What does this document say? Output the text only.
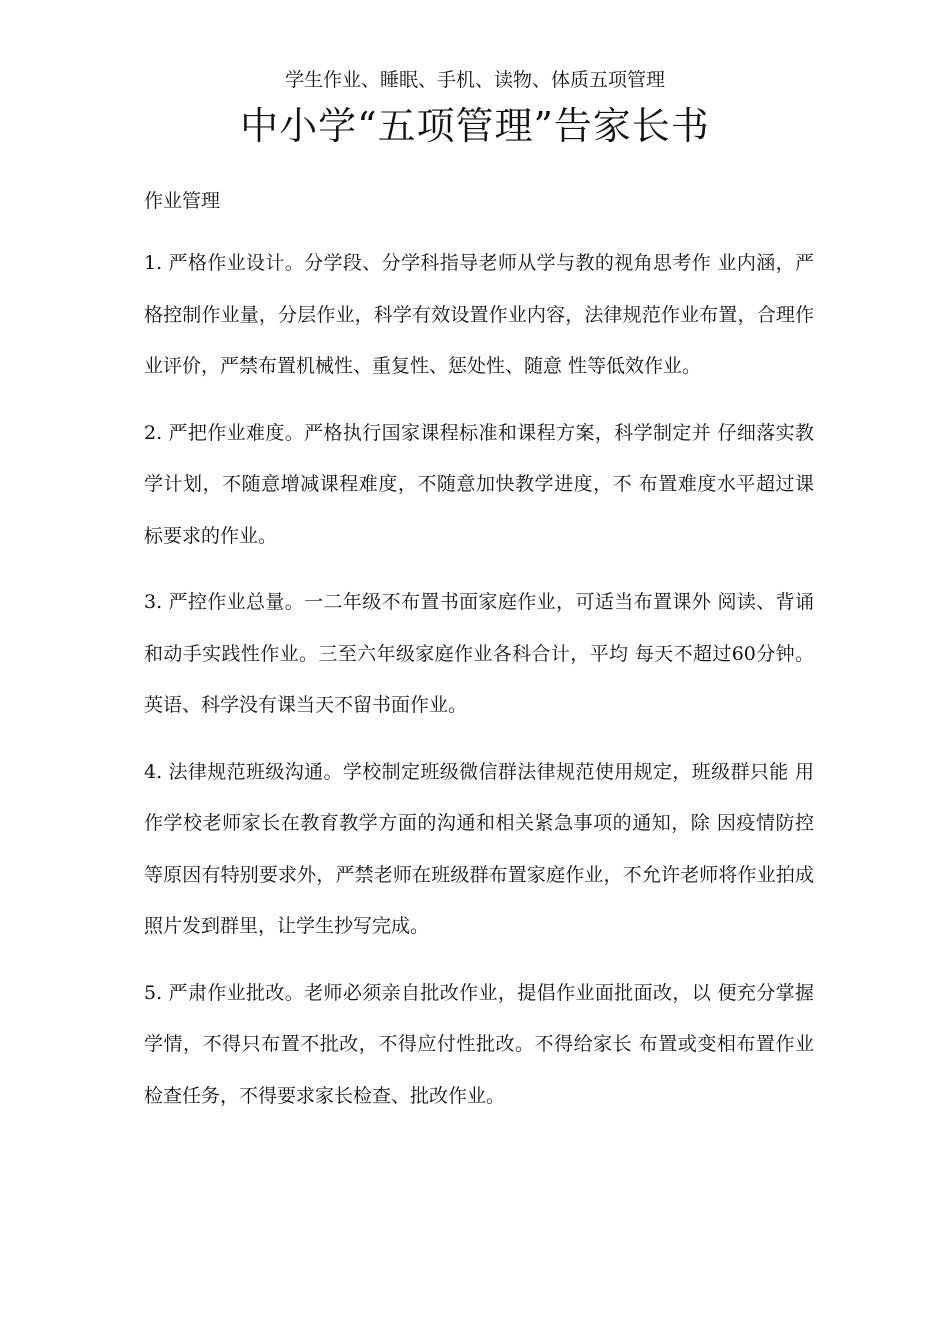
学生作业、睡眠、手机、读物、体质五项管理
中小学“五项管理”告家长书
作业管理

1. 严格作业设计。分学段、分学科指导老师从学与教的视角思考作 业内涵，严格控制作业量，分层作业，科学有效设置作业内容，法律规范作业布置，合理作业评价，严禁布置机械性、重复性、惩处性、随意 性等低效作业。

2. 严把作业难度。严格执行国家课程标准和课程方案，科学制定并 仔细落实教学计划，不随意增减课程难度，不随意加快教学进度，不 布置难度水平超过课标要求的作业。

3. 严控作业总量。一二年级不布置书面家庭作业，可适当布置课外 阅读、背诵和动手实践性作业。三至六年级家庭作业各科合计，平均 每天不超过60分钟。英语、科学没有课当天不留书面作业。

4. 法律规范班级沟通。学校制定班级微信群法律规范使用规定，班级群只能 用作学校老师家长在教育教学方面的沟通和相关紧急事项的通知，除 因疫情防控等原因有特别要求外，严禁老师在班级群布置家庭作业，不允许老师将作业拍成照片发到群里，让学生抄写完成。

5. 严肃作业批改。老师必须亲自批改作业，提倡作业面批面改，以 便充分掌握学情，不得只布置不批改，不得应付性批改。不得给家长 布置或变相布置作业检查任务，不得要求家长检查、批改作业。
